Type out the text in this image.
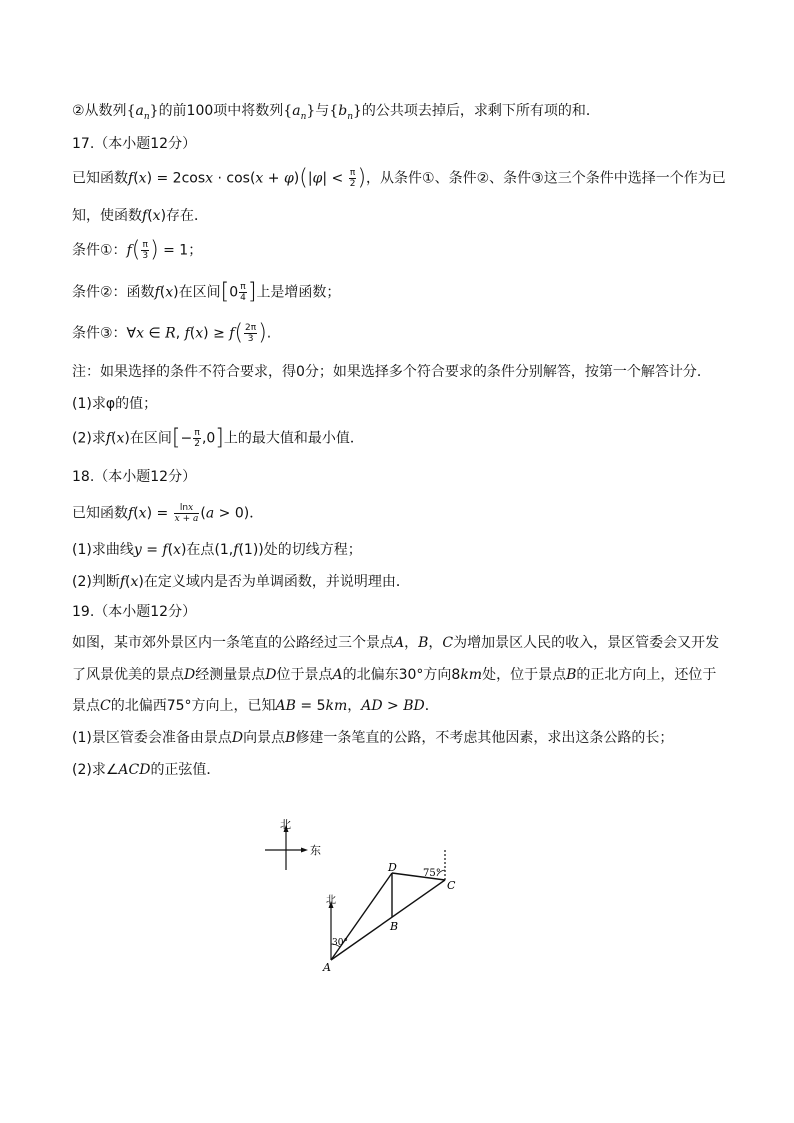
②从数列$\{a_n\}$的前100项中将数列$\{a_n\}$与$\{b_n\}$的公共项去掉后，求剩下所有项的和．
17.（本小题12分）
已知函数$f(x) = 2\cos x \cdot \cos(x + \varphi)(|\varphi| < \frac{\pi}{2}$ )，从条件①、条件②、条件③这三个条件中选择一个作为已
知，使函数f(x)存在．
条件①：$f( \frac{\pi}{3}$ ) = 1；
条件②：函数f(x)在区间[$0 \frac{\pi}{4}$ ]上是增函数；
条件③：∀x ∈ R, $f(x) \ge f( \frac{2\pi}{3}$ ).
注：如果选择的条件不符合要求，得0分；如果选择多个符合要求的条件分别解答，按第一个解答计分．
(1)求φ的值；
(2)求f(x)在区间[− $\frac{\pi}{2} ,0$]上的最大值和最小值．
18.（本小题12分）
已知函数$f(x) = \frac{\ln x}{x + a} (a > 0)$．
(1)求曲线y = f(x)在点(1,f(1))处的切线方程；
(2)判断f(x)在定义域内是否为单调函数，并说明理由．
19.（本小题12分）
如图，某市郊外景区内一条笔直的公路经过三个景点A，B，C为增加景区人民的收入，景区管委会又开发
了风景优美的景点D经测量景点D位于景点A的北偏东30°方向8km处，位于景点B的正北方向上，还位于
景点C的北偏西75°方向上，已知AB = 5km，AD > BD．
(1)景区管委会准备由景点D向景点B修建一条笔直的公路，不考虑其他因素，求出这条公路的长；
(2)求∠ACD的正弦值．
北
东
北
30°
75°
A
B
C
D
